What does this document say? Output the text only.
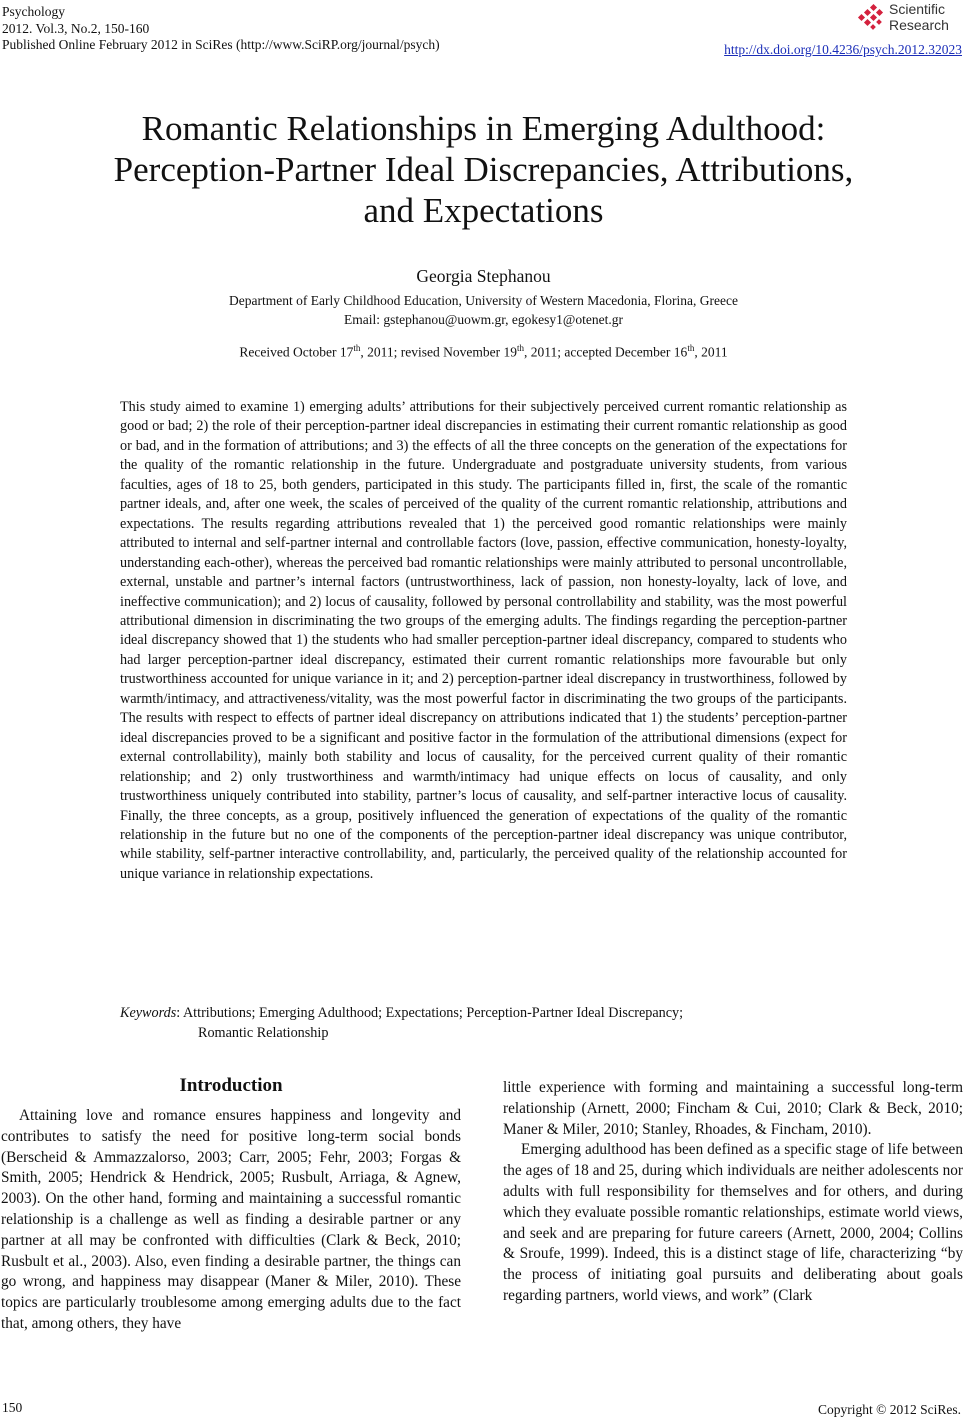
Psychology
2012. Vol.3, No.2, 150-160
Published Online February 2012 in SciRes (http://www.SciRP.org/journal/psych)
Scientific
Research
http://dx.doi.org/10.4236/psych.2012.32023
Romantic Relationships in Emerging Adulthood:
Perception-Partner Ideal Discrepancies, Attributions,
and Expectations
Georgia Stephanou
Department of Early Childhood Education, University of Western Macedonia, Florina, Greece
Email: gstephanou@uowm.gr, egokesy1@otenet.gr
Received October 17th, 2011; revised November 19th, 2011; accepted December 16th, 2011
This study aimed to examine 1) emerging adults’ attributions for their subjectively perceived current romantic relationship as good or bad; 2) the role of their perception-partner ideal discrepancies in estimating their current romantic relationship as good or bad, and in the formation of attributions; and 3) the effects of all the three concepts on the generation of the expectations for the quality of the romantic relationship in the future. Undergraduate and postgraduate university students, from various faculties, ages of 18 to 25, both genders, participated in this study. The participants filled in, first, the scale of the romantic partner ideals, and, after one week, the scales of perceived of the quality of the current romantic relationship, attributions and expectations. The results regarding attributions revealed that 1) the perceived good romantic relationships were mainly attributed to internal and self-partner internal and controllable factors (love, passion, effective communication, honesty-loyalty, understanding each-other), whereas the perceived bad romantic relationships were mainly attributed to personal uncontrollable, external, unstable and partner’s internal factors (untrustworthiness, lack of passion, non honesty-loyalty, lack of love, and ineffective communication); and 2) locus of causality, followed by personal controllability and stability, was the most powerful attributional dimension in discriminating the two groups of the emerging adults. The findings regarding the perception-partner ideal discrepancy showed that 1) the students who had smaller perception-partner ideal discrepancy, compared to students who had larger perception-partner ideal discrepancy, estimated their current romantic relationships more favourable but only trustworthiness accounted for unique variance in it; and 2) perception-partner ideal discrepancy in trustworthiness, followed by warmth/intimacy, and attractiveness/vitality, was the most powerful factor in discriminating the two groups of the participants. The results with respect to effects of partner ideal discrepancy on attributions indicated that 1) the students’ perception-partner ideal discrepancies proved to be a significant and positive factor in the formulation of the attributional dimensions (expect for external controllability), mainly both stability and locus of causality, for the perceived current quality of their romantic relationship; and 2) only trustworthiness and warmth/intimacy had unique effects on locus of causality, and only trustworthiness uniquely contributed into stability, partner’s locus of causality, and self-partner interactive locus of causality. Finally, the three concepts, as a group, positively influenced the generation of expectations of the quality of the romantic relationship in the future but no one of the components of the perception-partner ideal discrepancy was unique contributor, while stability, self-partner interactive controllability, and, particularly, the perceived quality of the relationship accounted for unique variance in relationship expectations.
Keywords: Attributions; Emerging Adulthood; Expectations; Perception-Partner Ideal Discrepancy;
Romantic Relationship
Introduction

Attaining love and romance ensures happiness and longevity and contributes to satisfy the need for positive long-term social bonds (Berscheid & Ammazzalorso, 2003; Carr, 2005; Fehr, 2003; Forgas & Smith, 2005; Hendrick & Hendrick, 2005; Rusbult, Arriaga, & Agnew, 2003). On the other hand, forming and maintaining a successful romantic relationship is a challenge as well as finding a desirable partner or any partner at all may be confronted with difficulties (Clark & Beck, 2010; Rusbult et al., 2003). Also, even finding a desirable partner, the things can go wrong, and happiness may disappear (Maner & Miler, 2010). These topics are particularly troublesome among emerging adults due to the fact that, among others, they have

little experience with forming and maintaining a successful long-term relationship (Arnett, 2000; Fincham & Cui, 2010; Clark & Beck, 2010; Maner & Miler, 2010; Stanley, Rhoades, & Fincham, 2010).

Emerging adulthood has been defined as a specific stage of life between the ages of 18 and 25, during which individuals are neither adolescents nor adults with full responsibility for themselves and for others, and during which they evaluate possible romantic relationships, estimate world views, and seek and are preparing for future careers (Arnett, 2000, 2004; Collins & Sroufe, 1999). Indeed, this is a distinct stage of life, characterizing “by the process of initiating goal pursuits and deliberating about goals regarding partners, world views, and work” (Clark

150	Copyright © 2012 SciRes.
